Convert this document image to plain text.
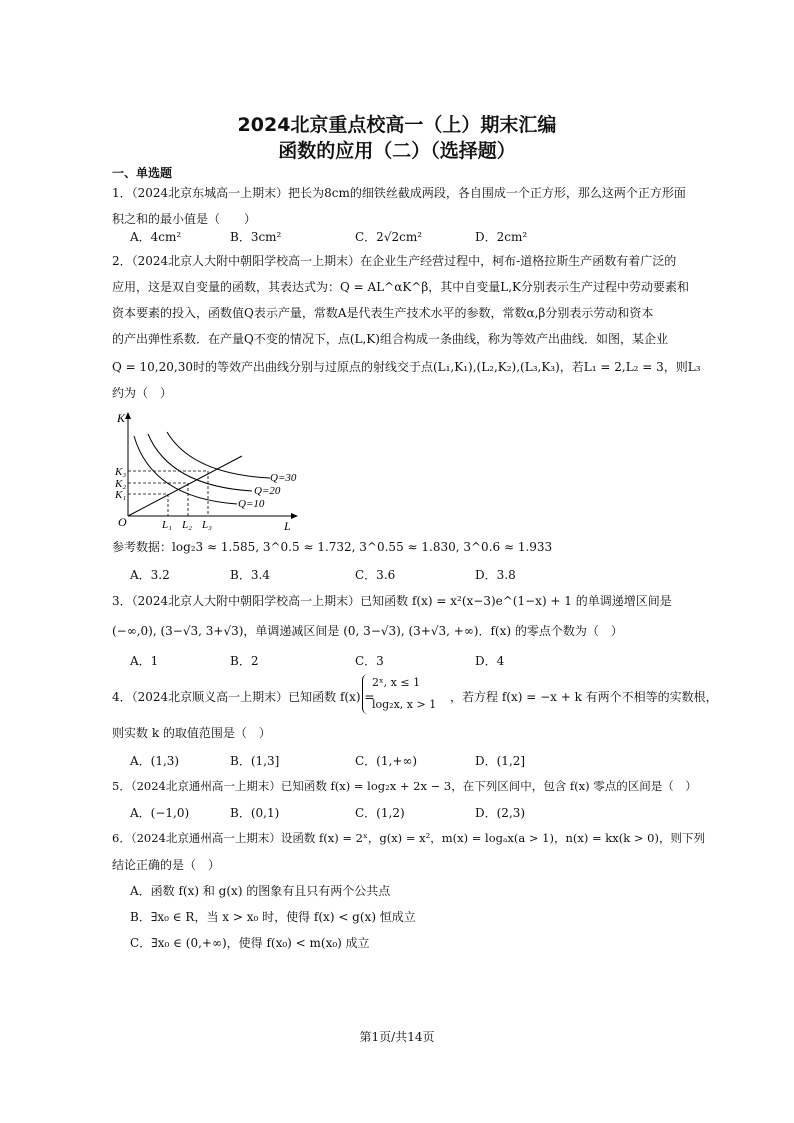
2024北京重点校高一（上）期末汇编
函数的应用（二）（选择题）
一、单选题
1．（2024北京东城高一上期末）把长为8cm的细铁丝截成两段，各自围成一个正方形，那么这两个正方形面积之和的最小值是（　　）
A．4cm²	B．3cm²	C．2√2cm²	D．2cm²
2．（2024北京人大附中朝阳学校高一上期末）在企业生产经营过程中，柯布-道格拉斯生产函数有着广泛的
应用，这是双自变量的函数，其表达式为：Q = AL^αK^β，其中自变量L,K分别表示生产过程中劳动要素和
资本要素的投入，函数值Q表示产量，常数A是代表生产技术水平的参数，常数α,β分别表示劳动和资本
的产出弹性系数．在产量Q不变的情况下，点(L,K)组合构成一条曲线，称为等效产出曲线．如图，某企业
Q = 10,20,30时的等效产出曲线分别与过原点的射线交于点(L₁,K₁),(L₂,K₂),(L₃,K₃)，若L₁ = 2,L₂ = 3，则L₃
约为（　）
K
L
O
K₃
K₂
K₁
L₁ L₂ L₃
Q=30
Q=20
Q=10
参考数据：log₂3 ≈ 1.585, 3^0.5 ≈ 1.732, 3^0.55 ≈ 1.830, 3^0.6 ≈ 1.933
A．3.2	B．3.4	C．3.6	D．3.8
3．（2024北京人大附中朝阳学校高一上期末）已知函数 f(x) = x²(x−3)e^(1−x) + 1 的单调递增区间是
(−∞,0), (3−√3, 3+√3)，单调递减区间是 (0, 3−√3), (3+√3, +∞)．f(x) 的零点个数为（　）
A．1	B．2	C．3	D．4
4．（2024北京顺义高一上期末）已知函数 f(x) =
2ˣ, x ≤ 1
log₂x, x > 1
，若方程 f(x) = −x + k 有两个不相等的实数根，
则实数 k 的取值范围是（　）
A．(1,3)	B．(1,3]	C．(1,+∞)	D．(1,2]
5．（2024北京通州高一上期末）已知函数 f(x) = log₂x + 2x − 3，在下列区间中，包含 f(x) 零点的区间是（　）
A．(−1,0)	B．(0,1)	C．(1,2)	D．(2,3)
6．（2024北京通州高一上期末）设函数 f(x) = 2ˣ，g(x) = x²，m(x) = logₐx(a > 1)，n(x) = kx(k > 0)，则下列
结论正确的是（　）
A．函数 f(x) 和 g(x) 的图象有且只有两个公共点
B．∃x₀ ∈ R，当 x > x₀ 时，使得 f(x) < g(x) 恒成立
C．∃x₀ ∈ (0,+∞)，使得 f(x₀) < m(x₀) 成立
第1页/共14页
